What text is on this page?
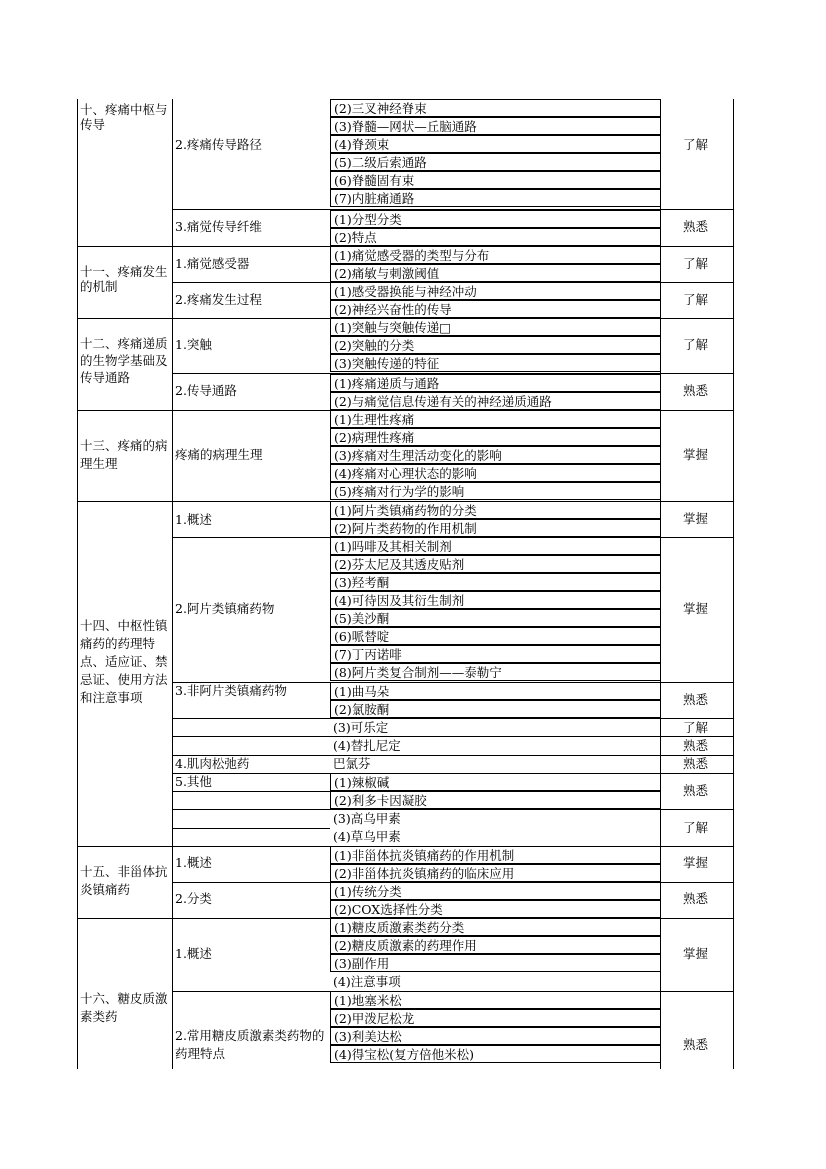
十、疼痛中枢与传导
十一、疼痛发生的机制
十二、疼痛递质的生物学基础及传导通路
十三、疼痛的病理生理
十四、中枢性镇痛药的药理特点、适应证、禁忌证、使用方法和注意事项
十五、非甾体抗炎镇痛药
十六、糖皮质激素类药
2.疼痛传导路径
3.痛觉传导纤维
1.痛觉感受器
2.疼痛发生过程
1.突触
2.传导通路
疼痛的病理生理
1.概述
2.阿片类镇痛药物
3.非阿片类镇痛药物
4.肌肉松弛药
5.其他
1.概述
2.分类
1.概述
2.常用糖皮质激素类药物的药理特点
(2)三叉神经脊束
(3)脊髓—网状—丘脑通路
(4)脊颈束
(5)二级后索通路
(6)脊髓固有束
(7)内脏痛通路
(1)分型分类
(2)特点
(1)痛觉感受器的类型与分布
(2)痛敏与刺激阈值
(1)感受器换能与神经冲动
(2)神经兴奋性的传导
(1)突触与突触传递□
(2)突触的分类
(3)突触传递的特征
(1)疼痛递质与通路
(2)与痛觉信息传递有关的神经递质通路
(1)生理性疼痛
(2)病理性疼痛
(3)疼痛对生理活动变化的影响
(4)疼痛对心理状态的影响
(5)疼痛对行为学的影响
(1)阿片类镇痛药物的分类
(2)阿片类药物的作用机制
(1)吗啡及其相关制剂
(2)芬太尼及其透皮贴剂
(3)羟考酮
(4)可待因及其衍生制剂
(5)美沙酮
(6)哌替啶
(7)丁丙诺啡
(8)阿片类复合制剂——泰勒宁
(1)曲马朵
(2)氯胺酮
(3)可乐定
(4)替扎尼定
巴氯芬
(1)辣椒碱
(2)利多卡因凝胶
(3)高乌甲素
(4)草乌甲素
(1)非甾体抗炎镇痛药的作用机制
(2)非甾体抗炎镇痛药的临床应用
(1)传统分类
(2)COX选择性分类
(1)糖皮质激素类药分类
(2)糖皮质激素的药理作用
(3)副作用
(4)注意事项
(1)地塞米松
(2)甲泼尼松龙
(3)利美达松
(4)得宝松(复方倍他米松)
了解
熟悉
了解
了解
了解
熟悉
掌握
掌握
掌握
熟悉
了解
熟悉
熟悉
熟悉
了解
掌握
熟悉
掌握
熟悉
